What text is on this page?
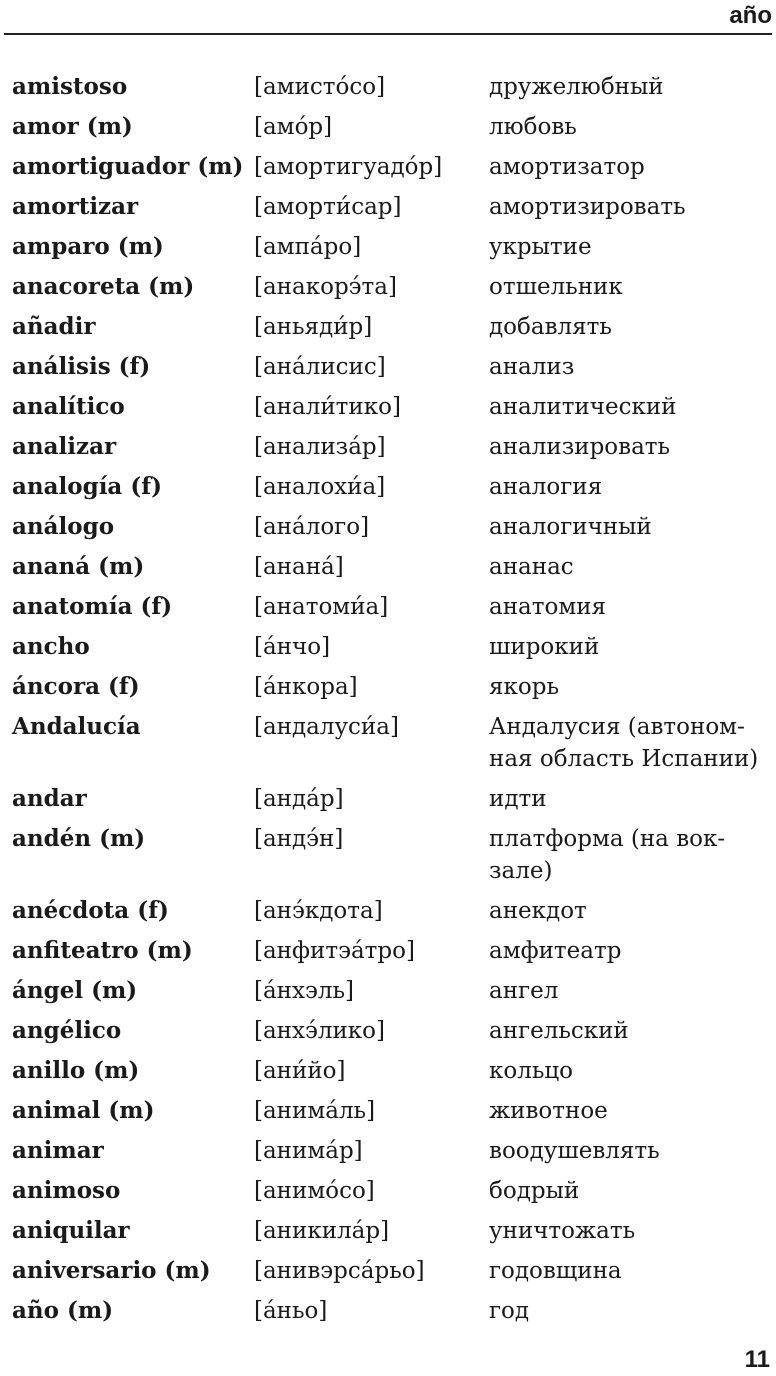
año
amistoso	[амисто́со]	дружелюбный
amor (m)	[амо́р]	любовь
amortiguador (m) [амортигуадо́р] амортизатор
amortizar	[аморти́сар]	амортизировать
amparo (m)	[ампа́ро]	укрытие
anacoreta (m)	[анакорэ́та]	отшельник
añadir	[аньяди́р]	добавлять
análisis (f)	[ана́лисис]	анализ
analítico	[анали́тико]	аналитический
analizar	[анализа́р]	анализировать
analogía (f)	[аналохи́а]	аналогия
análogo	[ана́лого]	аналогичный
ananá (m)	[анана́]	ананас
anatomía (f)	[анатоми́а]	анатомия
ancho	[а́нчо]	широкий
áncora (f)	[а́нкора]	якорь
Andalucía	[андалуси́а]	Андалусия (автоном-
ная область Испании)
andar	[анда́р]	идти
andén (m)	[андэ́н]	платформа (на вок-
зале)
anécdota (f)	[анэ́кдота]	анекдот
anfiteatro (m)	[анфитэа́тро]	амфитеатр
ángel (m)	[а́нхэль]	ангел
angélico	[анхэ́лико]	ангельский
anillo (m)	[ани́йо]	кольцо
animal (m)	[анима́ль]	животное
animar	[анима́р]	воодушевлять
animoso	[анимо́со]	бодрый
aniquilar	[аникила́р]	уничтожать
aniversario (m) [анивэрса́рьо]	годовщина
año (m)	[а́ньо]	год
11
